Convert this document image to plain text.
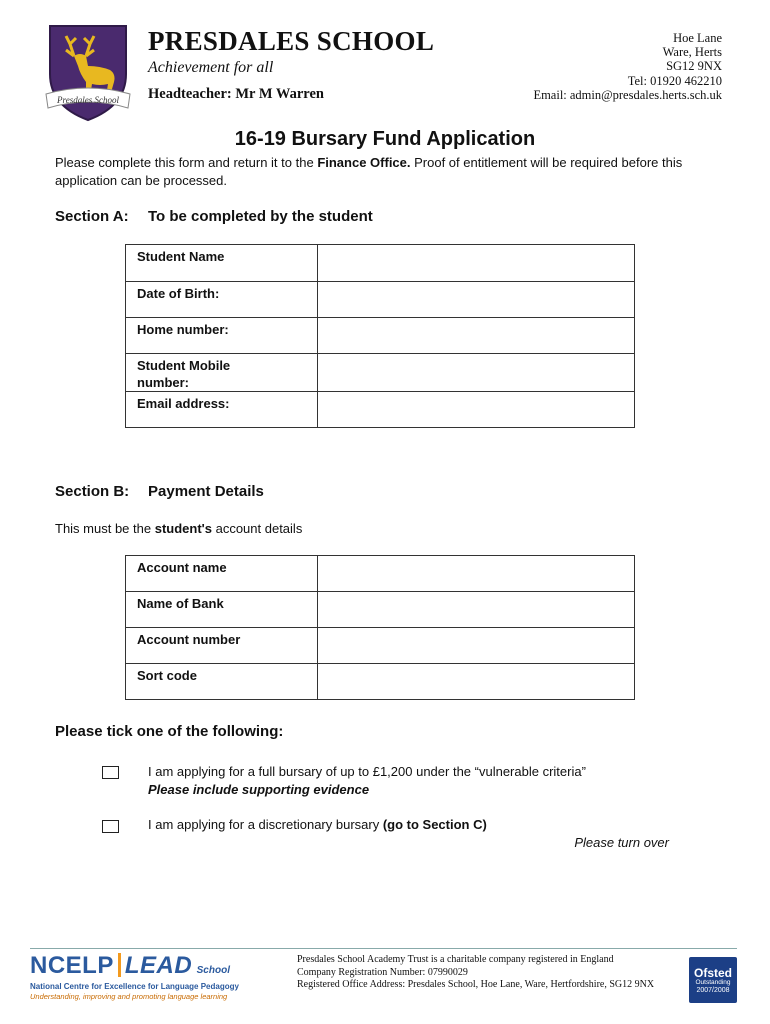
Presdales School
PRESDALES SCHOOL
Achievement for all
Headteacher: Mr M Warren
Hoe Lane
Ware, Herts
SG12 9NX
Tel: 01920 462210
Email: admin@presdales.herts.sch.uk
16-19 Bursary Fund Application
Please complete this form and return it to the Finance Office. Proof of entitlement will be required before this application can be processed.
Section A: To be completed by the student
Student Name	
Date of Birth:	
Home number:	
Student Mobile number:	
Email address:	
Section B: Payment Details
This must be the student's account details
Account name	
Name of Bank	
Account number	
Sort code	
Please tick one of the following:
I am applying for a full bursary of up to £1,200 under the “vulnerable criteria”
Please include supporting evidence
I am applying for a discretionary bursary (go to Section C)
Please turn over
NCELP LEAD School
National Centre for Excellence for Language Pedagogy
Understanding, improving and promoting language learning
Presdales School Academy Trust is a charitable company registered in England
Company Registration Number: 07990029
Registered Office Address: Presdales School, Hoe Lane, Ware, Hertfordshire, SG12 9NX
Ofsted
Outstanding
2007/2008
